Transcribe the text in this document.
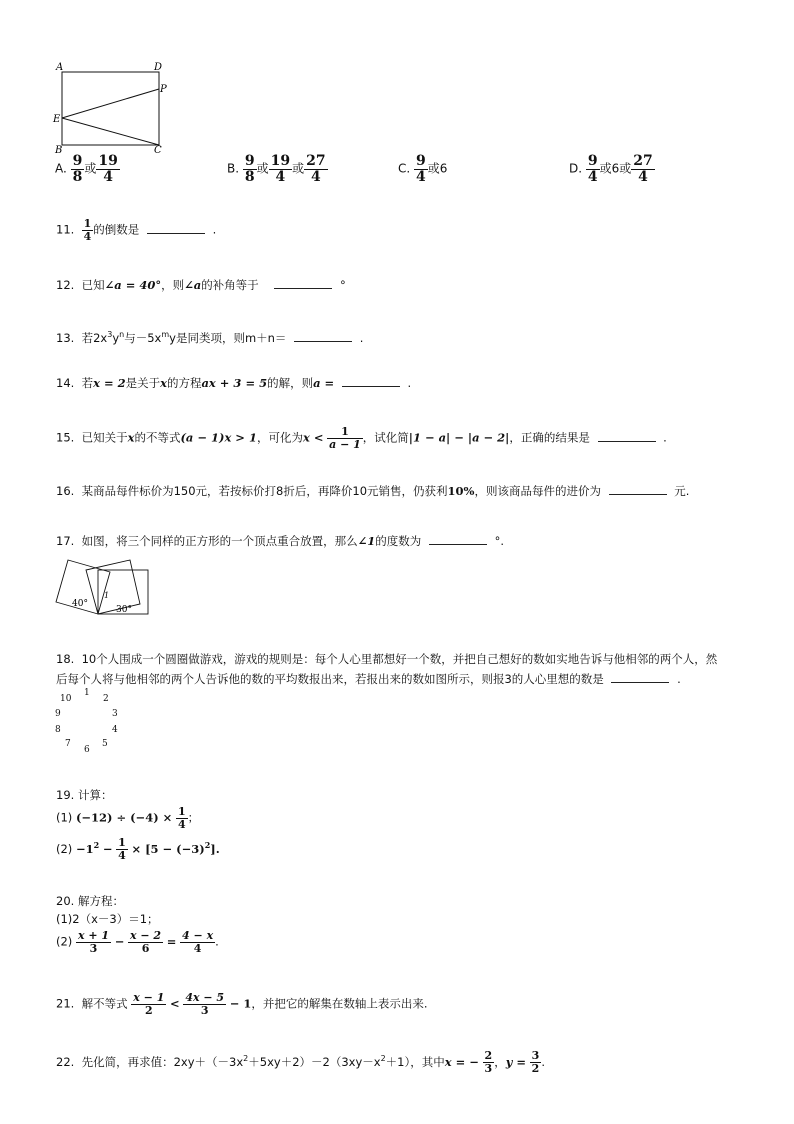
A	D
P
E
B	C
A. $\frac{9}{8}$ 或 $\frac{19}{4}$	B. $\frac{9}{8}$ 或 $\frac{19}{4}$ 或 $\frac{27}{4}$	C. $\frac{9}{4}$ 或6	D. $\frac{9}{4}$ 或6或 $\frac{27}{4}$
11. $\frac{1}{4}$ 的倒数是	.
12. 已知∠a = 40°，则∠a的补角等于	°
13. 若$2x^3y^n$与$-5x^my$是同类项，则m＋n＝	.
14. 若x = 2是关于x的方程ax + 3 = 5的解，则a =	.
15. 已知关于x的不等式(a − 1)x > 1，可化为$x < \frac{1}{a - 1}$ ，试化简|1 − a| − |a − 2|，正确的结果是	.
16. 某商品每件标价为150元，若按标价打8折后，再降价10元销售，仍获利10%，则该商品每件的进价为	元.
17. 如图，将三个同样的正方形的一个顶点重合放置，那么∠1的度数为	°.
40°
30°
1
18. 10个人围成一个圆圈做游戏，游戏的规则是：每个人心里都想好一个数，并把自己想好的数如实地告诉与他相邻的两个人，然
后每个人将与他相邻的两个人告诉他的数的平均数报出来，若报出来的数如图所示，则报3的人心里想的数是	.
10
1
2
9	3
8	4
7
6
5
19. 计算：
(1) $(-12) \div (-4) \times \frac{1}{4}$ ；
$(2) -1^2 - \frac{1}{4} \times [5 - (-3)^2]$.
20. 解方程：
(1)2（x－3）＝1；
$(2) \frac{x + 1}{3} - \frac{x - 2}{6} = \frac{4 - x}{4}$ .
21. 解不等式 $\frac{x - 1}{2} < \frac{4x - 5}{3} - 1$，并把它的解集在数轴上表示出来.
22. 先化简，再求值：$2xy+(-3x^2+5xy+2)-2(3xy-x^2+1)$，其中x = − $\frac{2}{3}$ ，$y = \frac{3}{2}$ .
